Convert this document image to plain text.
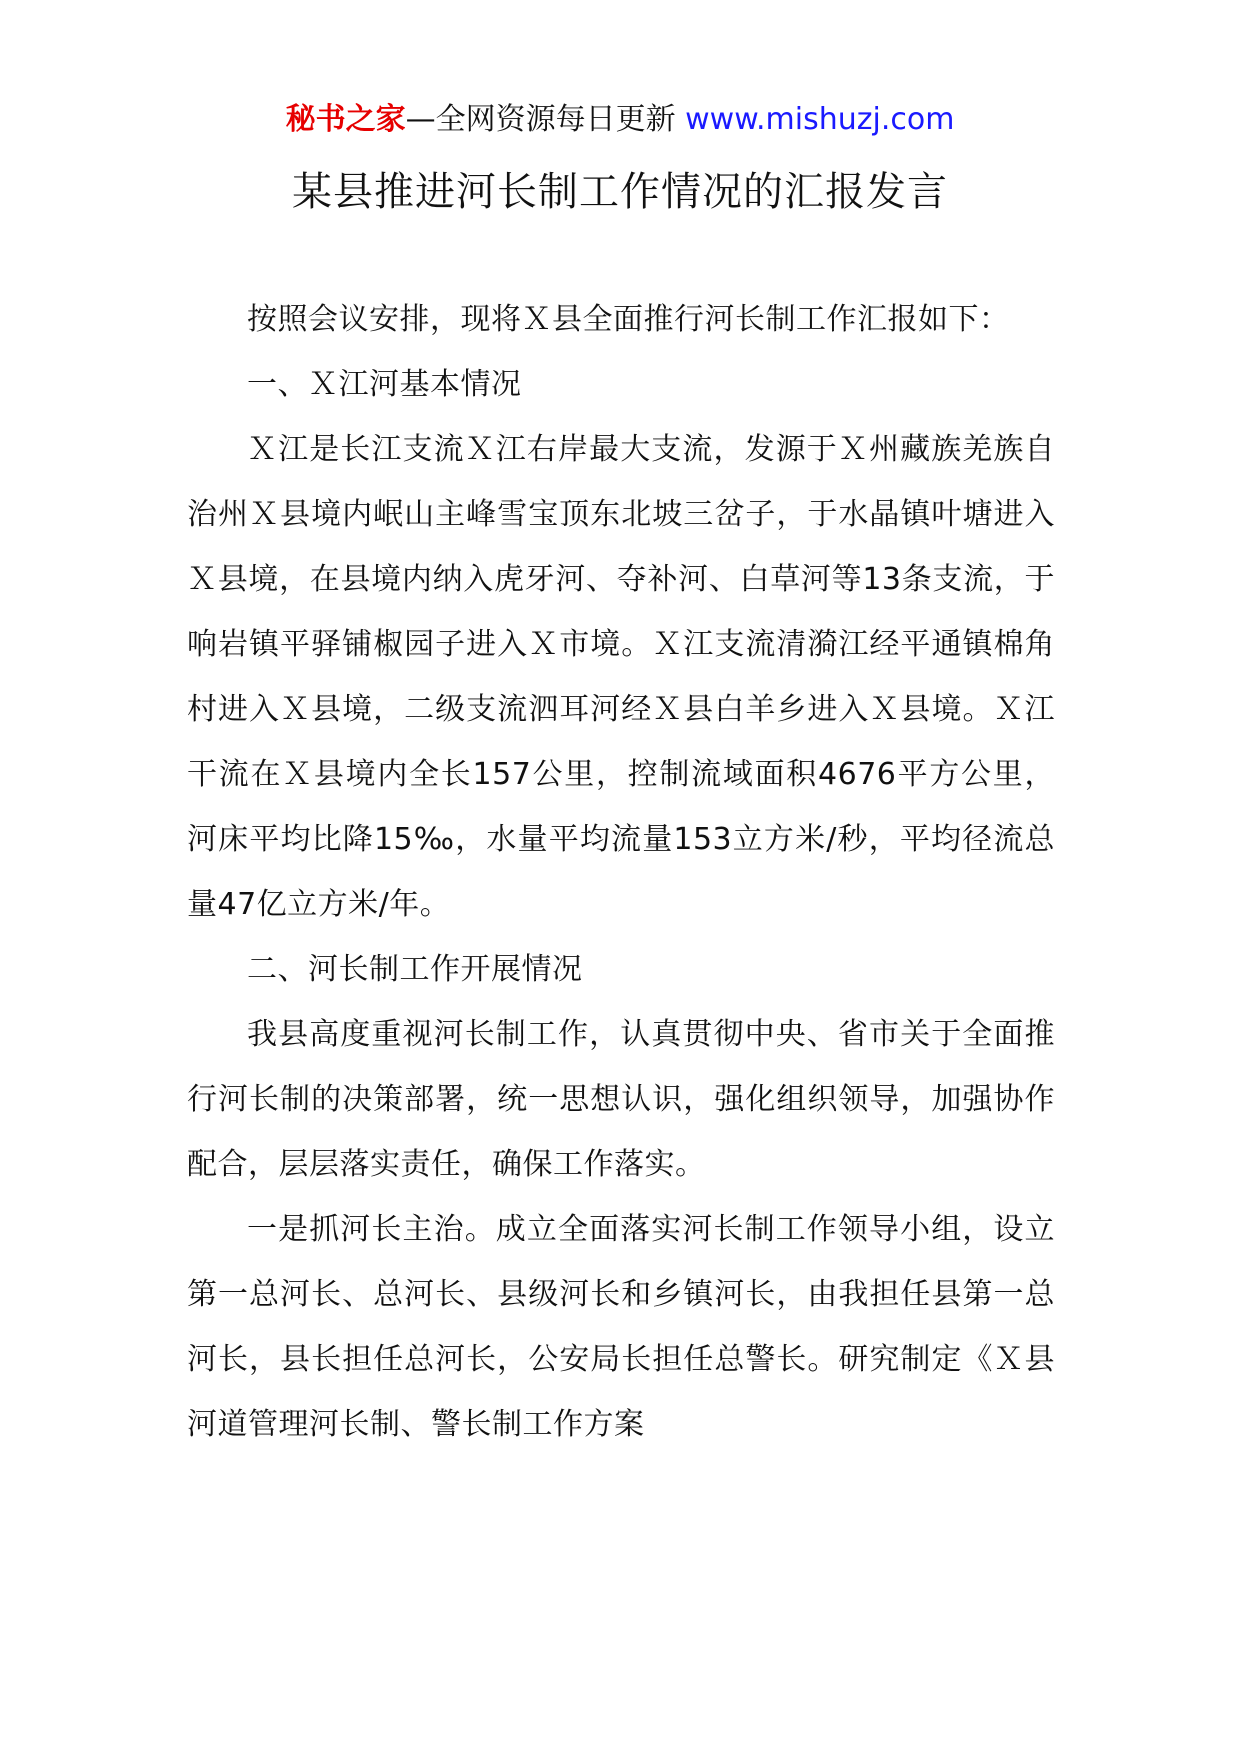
秘书之家—全网资源每日更新 www.mishuzj.com
某县推进河长制工作情况的汇报发言

按照会议安排，现将Ｘ县全面推行河长制工作汇报如下：

一、Ｘ江河基本情况

Ｘ江是长江支流Ｘ江右岸最大支流，发源于Ｘ州藏族羌族自治州Ｘ县境内岷山主峰雪宝顶东北坡三岔子，于水晶镇叶塘进入Ｘ县境，在县境内纳入虎牙河、夺补河、白草河等13条支流，于响岩镇平驿铺椒园子进入Ｘ市境。Ｘ江支流清漪江经平通镇棉角村进入Ｘ县境，二级支流泗耳河经Ｘ县白羊乡进入Ｘ县境。Ｘ江干流在Ｘ县境内全长157公里，控制流域面积4676平方公里，河床平均比降15‰，水量平均流量153立方米/秒，平均径流总量47亿立方米/年。

二、河长制工作开展情况

我县高度重视河长制工作，认真贯彻中央、省市关于全面推行河长制的决策部署，统一思想认识，强化组织领导，加强协作配合，层层落实责任，确保工作落实。

一是抓河长主治。成立全面落实河长制工作领导小组，设立第一总河长、总河长、县级河长和乡镇河长，由我担任县第一总河长，县长担任总河长，公安局长担任总警长。研究制定《Ｘ县河道管理河长制、警长制工作方案
